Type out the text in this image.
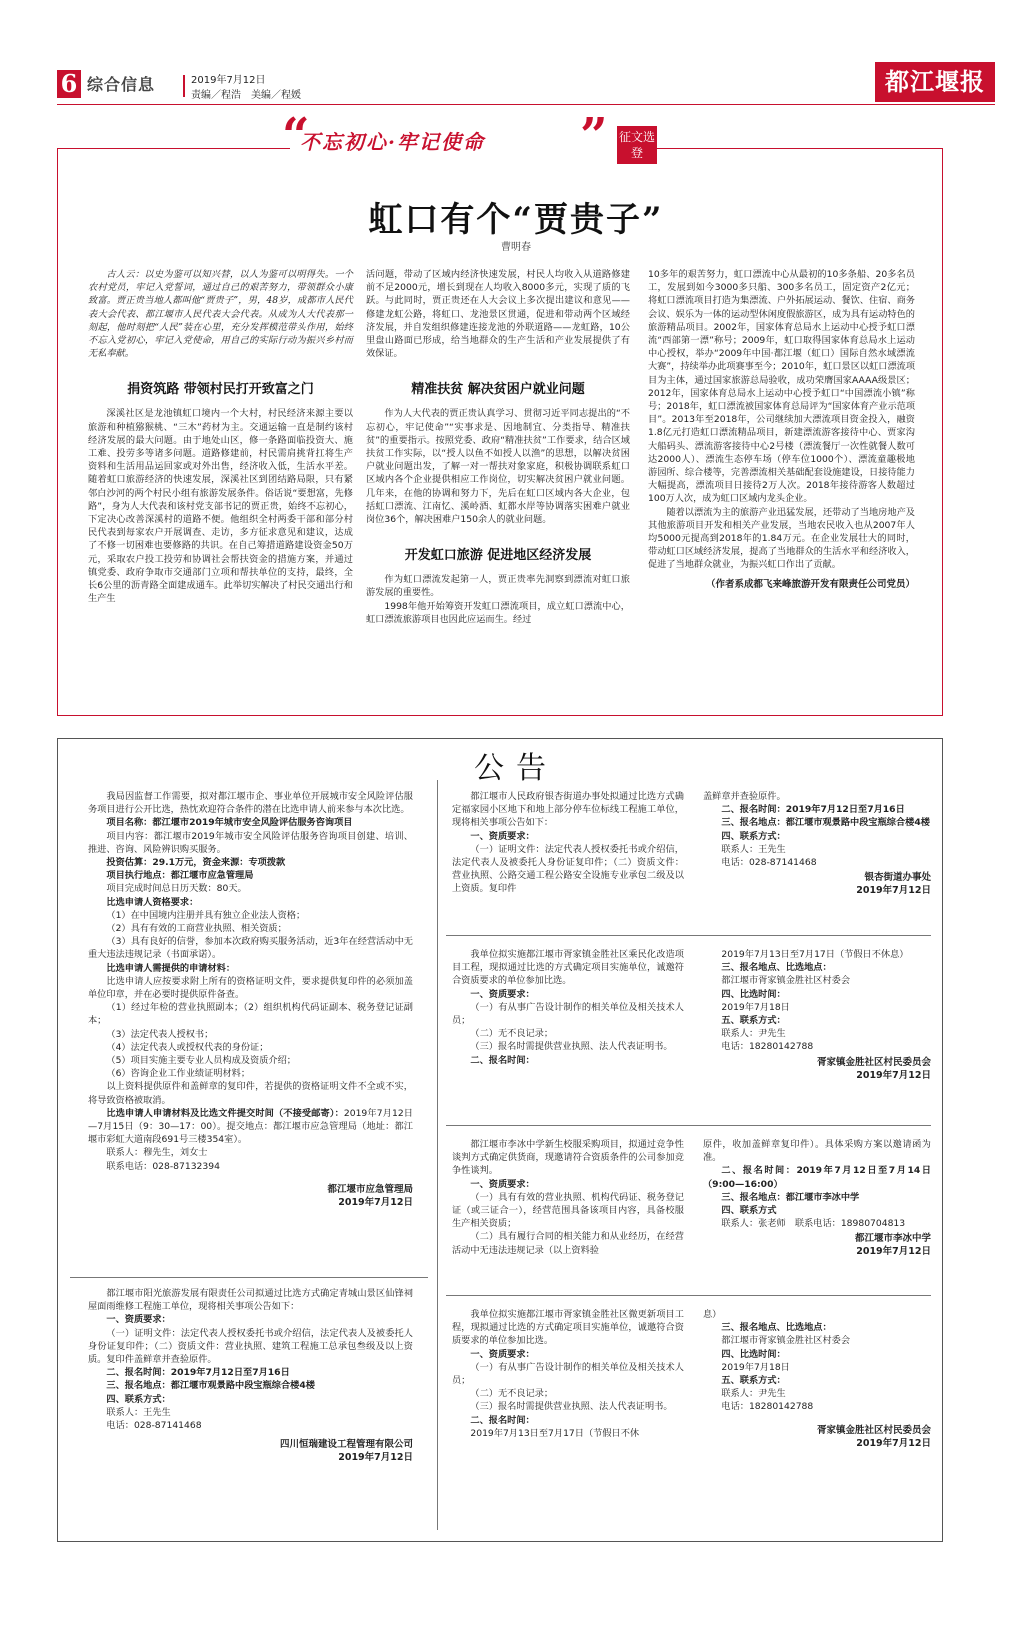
6 综合信息	2019年7月12日
责编／程浩　美编／程媛	都江堰报
“
不忘初心·牢记使命 ” 征文选登
虹口有个“贾贵子”
曹明春

古人云：以史为鉴可以知兴替，以人为鉴可以明得失。一个农村党员，牢记入党誓词，通过自己的艰苦努力，带领群众小康致富。贾正贵当地人都叫他“贾贵子”，男，48岁，成都市人民代表大会代表、都江堰市人民代表大会代表。从成为人大代表那一刻起，他时刻把“人民”装在心里，充分发挥模范带头作用，始终不忘入党初心，牢记入党使命，用自己的实际行动为振兴乡村而无私奉献。

捐资筑路 带领村民打开致富之门

深溪社区是龙池镇虹口境内一个大村，村民经济来源主要以旅游和种植猕猴桃、“三木”药材为主。交通运输一直是制约该村经济发展的最大问题。由于地处山区，修一条路面临投资大、施工难、投劳多等诸多问题。道路修建前，村民需肩挑背扛将生产资料和生活用品运回家或对外出售，经济收入低，生活水平差。随着虹口旅游经济的快速发展，深溪社区到团结路局限，只有紧邻白沙河的两个村民小组有旅游发展条件。俗话说“要想富，先修路”，身为人大代表和该村党支部书记的贾正贵，始终不忘初心，下定决心改善深溪村的道路不便。他组织全村两委干部和部分村民代表到每家农户开展调查、走访，多方征求意见和建议，达成了不修一切困难也要修路的共识。在自己筹措道路建设资金50万元，采取农户投工投劳和协调社会帮扶资金的措施方案，并通过镇党委、政府争取市交通部门立项和帮扶单位的支持，最终，全长6公里的沥青路全面建成通车。此举切实解决了村民交通出行和生产生

活问题，带动了区域内经济快速发展，村民人均收入从道路修建前不足2000元，增长到现在人均收入8000多元，实现了质的飞跃。与此同时，贾正贵还在人大会议上多次提出建议和意见——修建龙虹公路，将虹口、龙池景区贯通，促进和带动两个区域经济发展，并自发组织修建连接龙池的外联道路——龙虹路，10公里盘山路面已形成，给当地群众的生产生活和产业发展提供了有效保证。

精准扶贫 解决贫困户就业问题

作为人大代表的贾正贵认真学习、贯彻习近平同志提出的“不忘初心，牢记使命”“实事求是、因地制宜、分类指导、精准扶贫”的重要指示。按照党委、政府“精准扶贫”工作要求，结合区域扶贫工作实际，以“授人以鱼不如授人以渔”的思想，以解决贫困户就业问题出发，了解一对一帮扶对象家庭，积极协调联系虹口区域内各个企业提供相应工作岗位，切实解决贫困户就业问题。几年来，在他的协调和努力下，先后在虹口区域内各大企业，包括虹口漂流、江南忆、溪岭酒、虹都水岸等协调落实困难户就业岗位36个，解决困难户150余人的就业问题。

开发虹口旅游 促进地区经济发展

作为虹口漂流发起第一人，贾正贵率先洞察到漂流对虹口旅游发展的重要性。

1998年他开始筹资开发虹口漂流项目，成立虹口漂流中心，虹口漂流旅游项目也因此应运而生。经过

10多年的艰苦努力，虹口漂流中心从最初的10多条船、20多名员工，发展到如今3000多只船、300多名员工，固定资产2亿元；将虹口漂流项目打造为集漂流、户外拓展运动、餐饮、住宿、商务会议、娱乐为一体的运动型休闲度假旅游区，成为具有运动特色的旅游精品项目。2002年，国家体育总局水上运动中心授予虹口漂流“西部第一漂”称号；2009年，虹口取得国家体育总局水上运动中心授权，举办“2009年中国·都江堰（虹口）国际自然水域漂流大赛”，持续举办此项赛事至今；2010年，虹口景区以虹口漂流项目为主体，通过国家旅游总局验收，成功荣膺国家AAAA级景区；2012年，国家体育总局水上运动中心授予虹口“中国漂流小镇”称号；2018年，虹口漂流被国家体育总局评为“国家体育产业示范项目”。2013年至2018年，公司继续加大漂流项目资金投入，融资1.8亿元打造虹口漂流精品项目，新建漂流游客接待中心、贾家沟大船码头、漂流游客接待中心2号楼（漂流餐厅一次性就餐人数可达2000人）、漂流生态停车场（停车位1000个）、漂流童趣极地游园所、综合楼等，完善漂流相关基础配套设施建设，日接待能力大幅提高，漂流项目日接待2万人次。2018年接待游客人数超过100万人次，成为虹口区域内龙头企业。

随着以漂流为主的旅游产业迅猛发展，还带动了当地房地产及其他旅游项目开发和相关产业发展，当地农民收入也从2007年人均5000元提高到2018年的1.84万元。在企业发展壮大的同时，带动虹口区域经济发展，提高了当地群众的生活水平和经济收入，促进了当地群众就业，为振兴虹口作出了贡献。

（作者系成都飞来峰旅游开发有限责任公司党员）
公告

我局因监督工作需要，拟对都江堰市企、事业单位开展城市安全风险评估服务项目进行公开比选，热忱欢迎符合条件的潜在比选申请人前来参与本次比选。

项目名称：都江堰市2019年城市安全风险评估服务咨询项目

项目内容：都江堰市2019年城市安全风险评估服务咨询项目创建、培训、推进、咨询、风险辨识购买服务。

投资估算：29.1万元，资金来源：专项拨款

项目执行地点：都江堰市应急管理局

项目完成时间总日历天数：80天。

比选申请人资格要求：

（1）在中国境内注册并具有独立企业法人资格；

（2）具有有效的工商营业执照、相关资质；

（3）具有良好的信誉，参加本次政府购买服务活动，近3年在经营活动中无重大违法违规记录（书面承诺）。

比选申请人需提供的申请材料：

比选申请人应按要求附上所有的资格证明文件，要求提供复印件的必须加盖单位印章，并在必要时提供原件备查。

（1）经过年检的营业执照副本；（2）组织机构代码证副本、税务登记证副本；

（3）法定代表人授权书；

（4）法定代表人或授权代表的身份证；

（5）项目实施主要专业人员构成及资质介绍；

（6）咨询企业工作业绩证明材料；

以上资料提供原件和盖鲜章的复印件，若提供的资格证明文件不全或不实，将导致资格被取消。

比选申请人申请材料及比选文件提交时间（不接受邮寄）：2019年7月12日—7月15日（9：30—17：00）。提交地点：都江堰市应急管理局（地址：都江堰市彩虹大道南段691号三楼354室）。

联系人：穆先生，刘女士

联系电话：028-87132394

都江堰市应急管理局
2019年7月12日

都江堰市阳光旅游发展有限责任公司拟通过比选方式确定青城山景区仙锋祠屋面雨维修工程施工单位，现将相关事项公告如下：

一、资质要求：

（一）证明文件：法定代表人授权委托书或介绍信，法定代表人及被委托人身份证复印件；（二）资质文件：营业执照、建筑工程施工总承包叁级及以上资质。复印件盖鲜章并查验原件。

二、报名时间：2019年7月12日至7月16日

三、报名地点：都江堰市观景路中段宝瓶综合楼4楼

四、联系方式：

联系人：王先生

电话：028-87141468

四川恒瑞建设工程管理有限公司
2019年7月12日

都江堰市人民政府银杏街道办事处拟通过比选方式确定福家园小区地下和地上部分停车位标线工程施工单位，现将相关事项公告如下：

一、资质要求：

（一）证明文件：法定代表人授权委托书或介绍信，法定代表人及被委托人身份证复印件；（二）资质文件：营业执照、公路交通工程公路安全设施专业承包二级及以上资质。复印件

盖鲜章并查验原件。

二、报名时间：2019年7月12日至7月16日

三、报名地点：都江堰市观景路中段宝瓶综合楼4楼

四、联系方式：

联系人：王先生

电话：028-87141468

银杏街道办事处
2019年7月12日

我单位拟实施都江堰市胥家镇金胜社区乘民化改造项目工程，现拟通过比选的方式确定项目实施单位，诚邀符合资质要求的单位参加比选。

一、资质要求：

（一）有从事广告设计制作的相关单位及相关技术人员；

（二）无不良记录；

（三）报名时需提供营业执照、法人代表证明书。

二、报名时间：

2019年7月13日至7月17日（节假日不休息）

三、报名地点、比选地点：

都江堰市胥家镇金胜社区村委会

四、比选时间：

2019年7月18日

五、联系方式：

联系人：尹先生

电话：18280142788

胥家镇金胜社区村民委员会
2019年7月12日

都江堰市李冰中学新生校服采购项目，拟通过竞争性谈判方式确定供货商，现邀请符合资质条件的公司参加竞争性谈判。

一、资质要求：

（一）具有有效的营业执照、机构代码证、税务登记证（或三证合一），经营范围具备该项目内容，具备校服生产相关资质；

（二）具有履行合同的相关能力和从业经历，在经营活动中无违法违规记录（以上资料验

原件，收加盖鲜章复印件）。具体采购方案以邀请函为准。

二、报名时间：2019年7月12日至7月14日（9:00—16:00）

三、报名地点：都江堰市李冰中学

四、联系方式

联系人：张老师　联系电话：18980704813

都江堰市李冰中学
2019年7月12日

我单位拟实施都江堰市胥家镇金胜社区微更新项目工程，现拟通过比选的方式确定项目实施单位，诚邀符合资质要求的单位参加比选。

一、资质要求：

（一）有从事广告设计制作的相关单位及相关技术人员；

（二）无不良记录；

（三）报名时需提供营业执照、法人代表证明书。

二、报名时间：

2019年7月13日至7月17日（节假日不休

息）

三、报名地点、比选地点：

都江堰市胥家镇金胜社区村委会

四、比选时间：

2019年7月18日

五、联系方式：

联系人：尹先生

电话：18280142788

胥家镇金胜社区村民委员会
2019年7月12日
